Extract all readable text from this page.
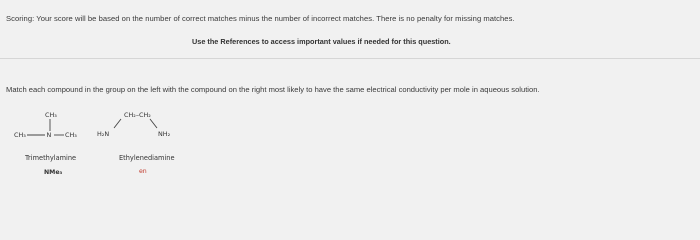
Scoring: Your score will be based on the number of correct matches minus the number of incorrect matches. There is no penalty for missing matches.
Use the References to access important values if needed for this question.
Match each compound in the group on the left with the compound on the right most likely to have the same electrical conductivity per mole in aqueous solution.
CH₃
CH₃	N CH₃
Trimethylamine
NMe₃
CH₂–CH₂
H₂N	NH₂
Ethylenediamine
en
